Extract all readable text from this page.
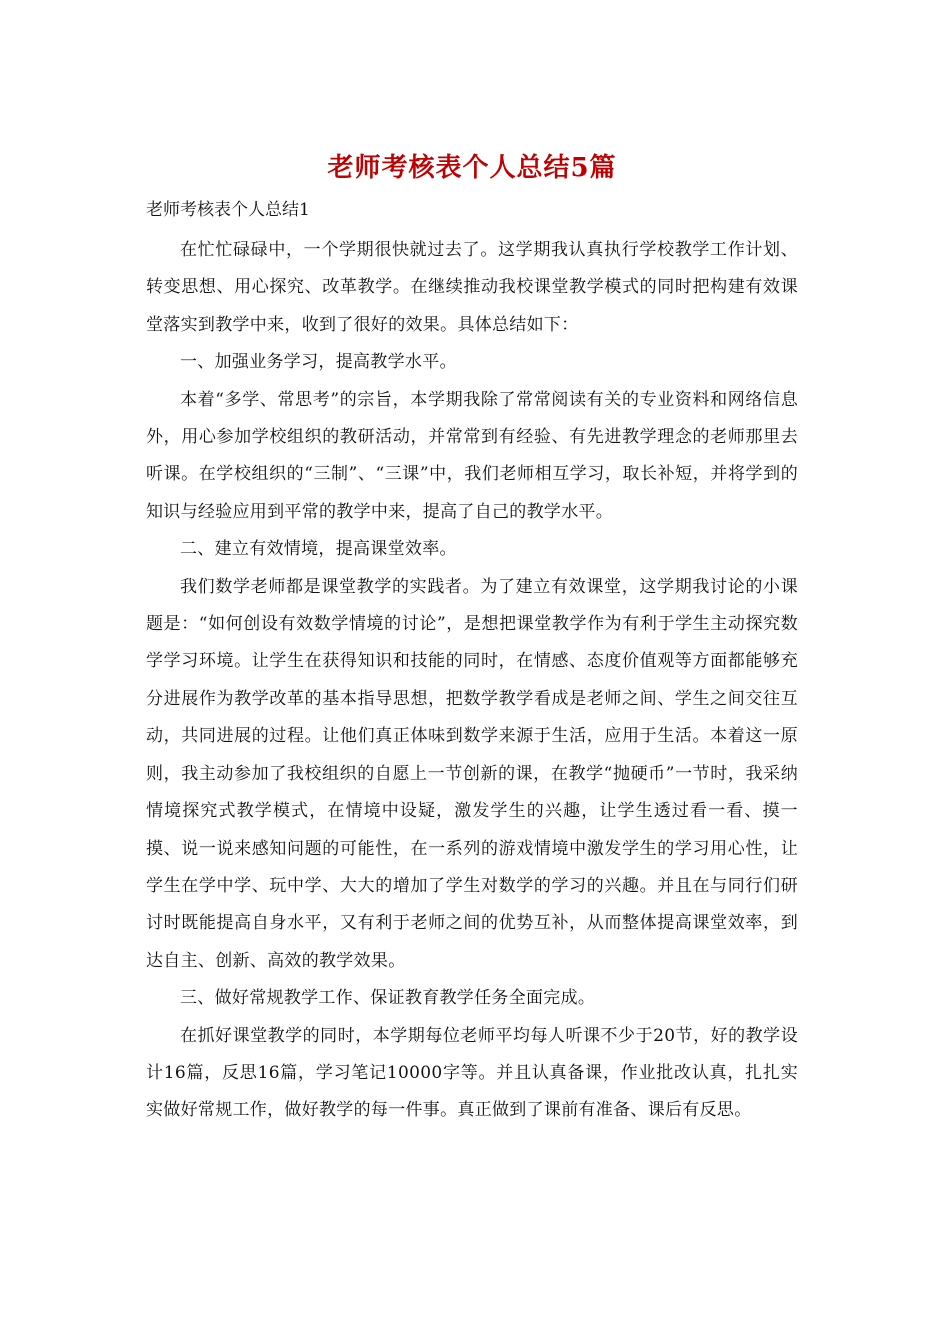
老师考核表个人总结5篇
老师考核表个人总结1

在忙忙碌碌中，一个学期很快就过去了。这学期我认真执行学校教学工作计划、转变思想、用心探究、改革教学。在继续推动我校课堂教学模式的同时把构建有效课堂落实到教学中来，收到了很好的效果。具体总结如下：

一、加强业务学习，提高教学水平。

本着“多学、常思考”的宗旨，本学期我除了常常阅读有关的专业资料和网络信息外，用心参加学校组织的教研活动，并常常到有经验、有先进教学理念的老师那里去听课。在学校组织的“三制”、“三课”中，我们老师相互学习，取长补短，并将学到的知识与经验应用到平常的教学中来，提高了自己的教学水平。

二、建立有效情境，提高课堂效率。

我们数学老师都是课堂教学的实践者。为了建立有效课堂，这学期我讨论的小课题是：“如何创设有效数学情境的讨论”，是想把课堂教学作为有利于学生主动探究数学学习环境。让学生在获得知识和技能的同时，在情感、态度价值观等方面都能够充分进展作为教学改革的基本指导思想，把数学教学看成是老师之间、学生之间交往互动，共同进展的过程。让他们真正体味到数学来源于生活，应用于生活。本着这一原则，我主动参加了我校组织的自愿上一节创新的课，在教学“抛硬币”一节时，我采纳情境探究式教学模式，在情境中设疑，激发学生的兴趣，让学生透过看一看、摸一摸、说一说来感知问题的可能性，在一系列的游戏情境中激发学生的学习用心性，让学生在学中学、玩中学、大大的增加了学生对数学的学习的兴趣。并且在与同行们研讨时既能提高自身水平，又有利于老师之间的优势互补，从而整体提高课堂效率，到达自主、创新、高效的教学效果。

三、做好常规教学工作、保证教育教学任务全面完成。

在抓好课堂教学的同时，本学期每位老师平均每人听课不少于20节，好的教学设计16篇，反思16篇，学习笔记10000字等。并且认真备课，作业批改认真，扎扎实实做好常规工作，做好教学的每一件事。真正做到了课前有准备、课后有反思。
